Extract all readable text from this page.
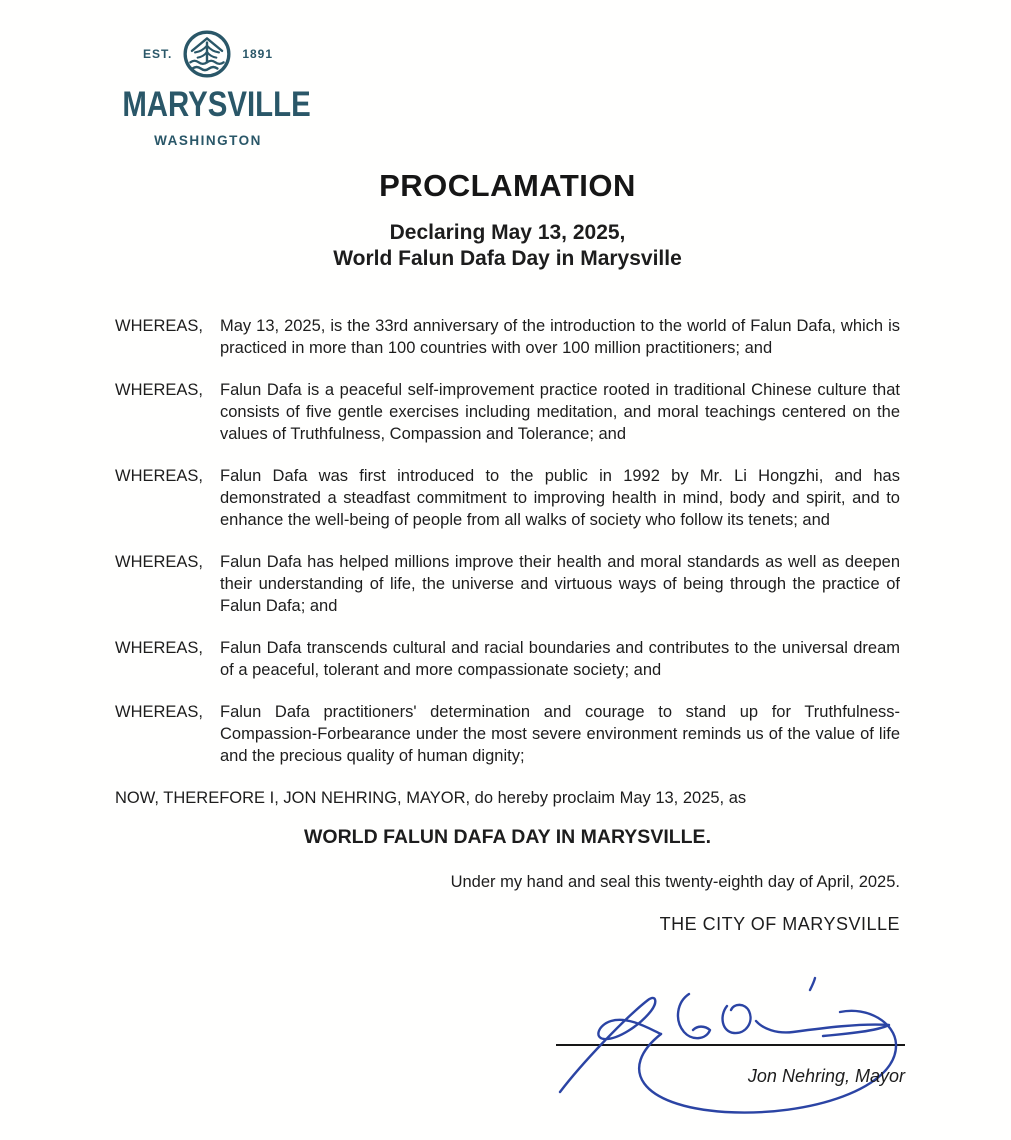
EST.	1891
MARYSVILLE
WASHINGTON
PROCLAMATION
Declaring May 13, 2025,
World Falun Dafa Day in Marysville
WHEREAS,	May 13, 2025, is the 33rd anniversary of the introduction to the world of Falun Dafa, which is practiced in more than 100 countries with over 100 million practitioners; and

WHEREAS,	Falun Dafa is a peaceful self-improvement practice rooted in traditional Chinese culture that consists of five gentle exercises including meditation, and moral teachings centered on the values of Truthfulness, Compassion and Tolerance; and

WHEREAS,	Falun Dafa was first introduced to the public in 1992 by Mr. Li Hongzhi, and has demonstrated a steadfast commitment to improving health in mind, body and spirit, and to enhance the well-being of people from all walks of society who follow its tenets; and

WHEREAS,	Falun Dafa has helped millions improve their health and moral standards as well as deepen their understanding of life, the universe and virtuous ways of being through the practice of Falun Dafa; and

WHEREAS,	Falun Dafa transcends cultural and racial boundaries and contributes to the universal dream of a peaceful, tolerant and more compassionate society; and

WHEREAS,	Falun Dafa practitioners' determination and courage to stand up for Truthfulness-Compassion-Forbearance under the most severe environment reminds us of the value of life and the precious quality of human dignity;

NOW, THEREFORE I, JON NEHRING, MAYOR, do hereby proclaim May 13, 2025, as

WORLD FALUN DAFA DAY IN MARYSVILLE.

Under my hand and seal this twenty-eighth day of April, 2025.

THE CITY OF MARYSVILLE

Jon Nehring, Mayor
